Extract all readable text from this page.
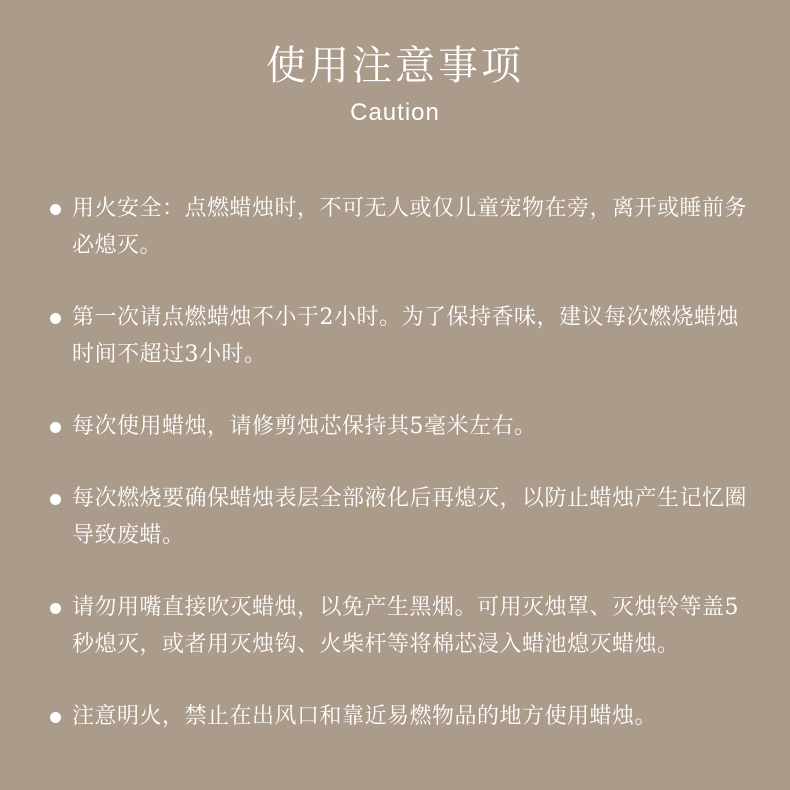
使用注意事项
Caution
用火安全：点燃蜡烛时，不可无人或仅儿童宠物在旁，离开或睡前务必熄灭。
第一次请点燃蜡烛不小于2小时。为了保持香味，建议每次燃烧蜡烛时间不超过3小时。
每次使用蜡烛，请修剪烛芯保持其5毫米左右。
每次燃烧要确保蜡烛表层全部液化后再熄灭，以防止蜡烛产生记忆圈导致废蜡。
请勿用嘴直接吹灭蜡烛，以免产生黑烟。可用灭烛罩、灭烛铃等盖5秒熄灭，或者用灭烛钩、火柴杆等将棉芯浸入蜡池熄灭蜡烛。
注意明火，禁止在出风口和靠近易燃物品的地方使用蜡烛。
